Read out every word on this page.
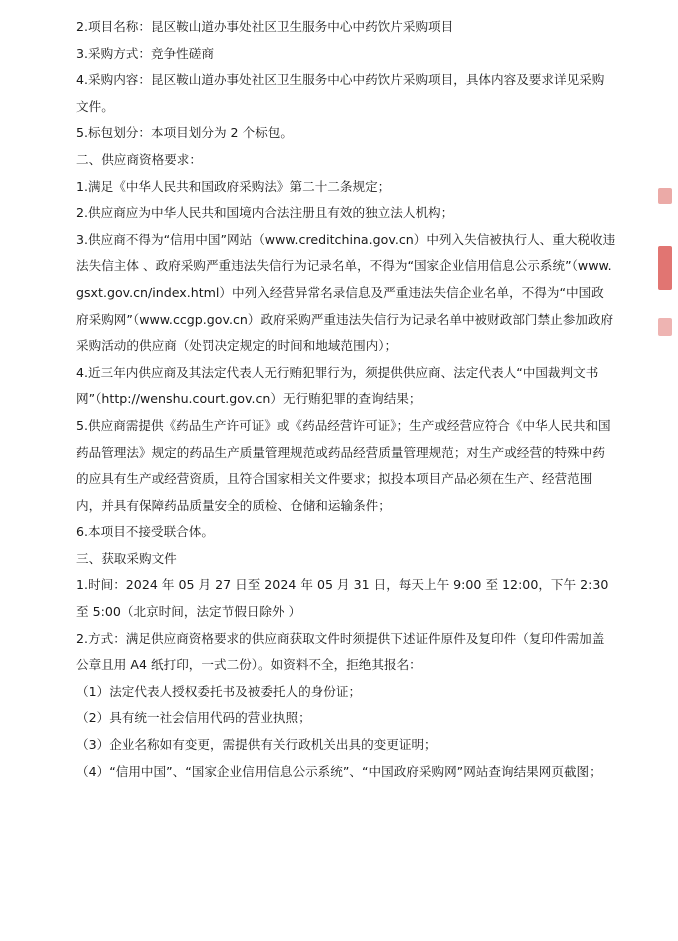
2.项目名称：昆区鞍山道办事处社区卫生服务中心中药饮片采购项目

3.采购方式：竞争性磋商

4.采购内容：昆区鞍山道办事处社区卫生服务中心中药饮片采购项目，具体内容及要求详见采购文件。

5.标包划分：本项目划分为 2 个标包。

二、供应商资格要求：

1.满足《中华人民共和国政府采购法》第二十二条规定；

2.供应商应为中华人民共和国境内合法注册且有效的独立法人机构；

3.供应商不得为“信用中国”网站（www.creditchina.gov.cn）中列入失信被执行人、重大税收违法失信主体 、政府采购严重违法失信行为记录名单，不得为“国家企业信用信息公示系统”（www.gsxt.gov.cn/index.html）中列入经营异常名录信息及严重违法失信企业名单，不得为“中国政府采购网”（www.ccgp.gov.cn）政府采购严重违法失信行为记录名单中被财政部门禁止参加政府采购活动的供应商（处罚决定规定的时间和地域范围内）；

4.近三年内供应商及其法定代表人无行贿犯罪行为，须提供供应商、法定代表人“中国裁判文书网”（http://wenshu.court.gov.cn）无行贿犯罪的查询结果；

5.供应商需提供《药品生产许可证》或《药品经营许可证》；生产或经营应符合《中华人民共和国药品管理法》规定的药品生产质量管理规范或药品经营质量管理规范；对生产或经营的特殊中药的应具有生产或经营资质，且符合国家相关文件要求；拟投本项目产品必须在生产、经营范围内，并具有保障药品质量安全的质检、仓储和运输条件；

6.本项目不接受联合体。

三、获取采购文件

1.时间：2024 年 05 月 27 日至 2024 年 05 月 31 日，每天上午 9:00 至 12:00，下午 2:30 至 5:00（北京时间，法定节假日除外 ）

2.方式：满足供应商资格要求的供应商获取文件时须提供下述证件原件及复印件（复印件需加盖公章且用 A4 纸打印，一式二份）。如资料不全，拒绝其报名：

（1）法定代表人授权委托书及被委托人的身份证；

（2）具有统一社会信用代码的营业执照；

（3）企业名称如有变更，需提供有关行政机关出具的变更证明；

（4）“信用中国”、“国家企业信用信息公示系统”、“中国政府采购网”网站查询结果网页截图；
